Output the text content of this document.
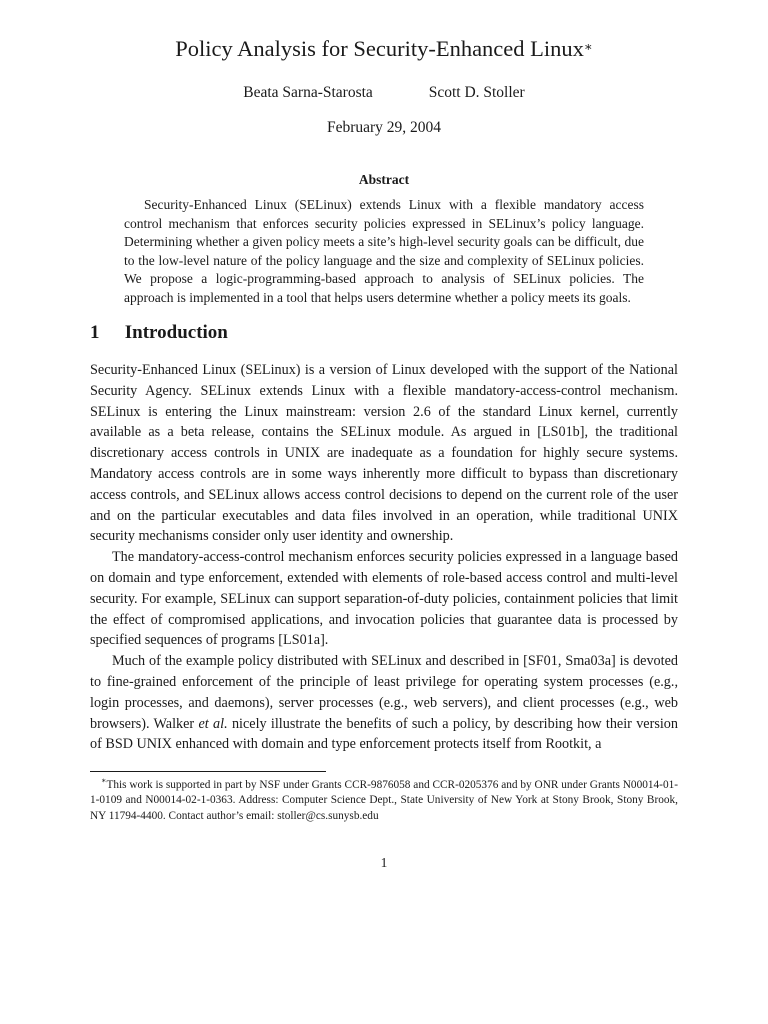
Policy Analysis for Security-Enhanced Linux∗
Beata Sarna-Starosta	Scott D. Stoller
February 29, 2004
Abstract

Security-Enhanced Linux (SELinux) extends Linux with a flexible mandatory access control mechanism that enforces security policies expressed in SELinux’s policy language. Determining whether a given policy meets a site’s high-level security goals can be difficult, due to the low-level nature of the policy language and the size and complexity of SELinux policies. We propose a logic-programming-based approach to analysis of SELinux policies. The approach is implemented in a tool that helps users determine whether a policy meets its goals.

1 Introduction

Security-Enhanced Linux (SELinux) is a version of Linux developed with the support of the National Security Agency. SELinux extends Linux with a flexible mandatory-access-control mechanism. SELinux is entering the Linux mainstream: version 2.6 of the standard Linux kernel, currently available as a beta release, contains the SELinux module. As argued in [LS01b], the traditional discretionary access controls in UNIX are inadequate as a foundation for highly secure systems. Mandatory access controls are in some ways inherently more difficult to bypass than discretionary access controls, and SELinux allows access control decisions to depend on the current role of the user and on the particular executables and data files involved in an operation, while traditional UNIX security mechanisms consider only user identity and ownership.

The mandatory-access-control mechanism enforces security policies expressed in a language based on domain and type enforcement, extended with elements of role-based access control and multi-level security. For example, SELinux can support separation-of-duty policies, containment policies that limit the effect of compromised applications, and invocation policies that guarantee data is processed by specified sequences of programs [LS01a].

Much of the example policy distributed with SELinux and described in [SF01, Sma03a] is devoted to fine-grained enforcement of the principle of least privilege for operating system processes (e.g., login processes, and daemons), server processes (e.g., web servers), and client processes (e.g., web browsers). Walker et al. nicely illustrate the benefits of such a policy, by describing how their version of BSD UNIX enhanced with domain and type enforcement protects itself from Rootkit, a

∗This work is supported in part by NSF under Grants CCR-9876058 and CCR-0205376 and by ONR under Grants N00014-01-1-0109 and N00014-02-1-0363. Address: Computer Science Dept., State University of New York at Stony Brook, Stony Brook, NY 11794-4400. Contact author’s email: stoller@cs.sunysb.edu
1
